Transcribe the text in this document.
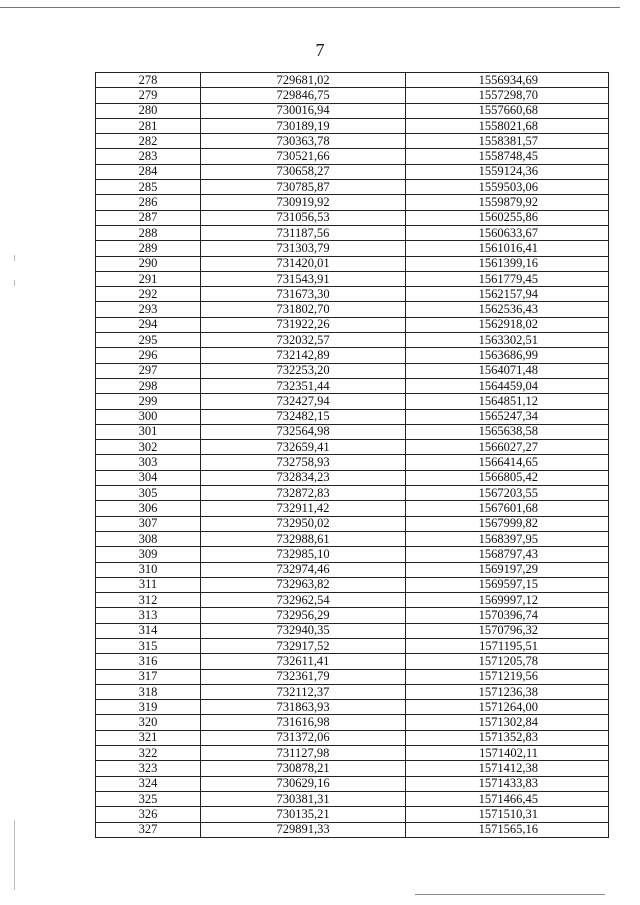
7
278	729681,02	1556934,69
279	729846,75	1557298,70
280	730016,94	1557660,68
281	730189,19	1558021,68
282	730363,78	1558381,57
283	730521,66	1558748,45
284	730658,27	1559124,36
285	730785,87	1559503,06
286	730919,92	1559879,92
287	731056,53	1560255,86
288	731187,56	1560633,67
289	731303,79	1561016,41
290	731420,01	1561399,16
291	731543,91	1561779,45
292	731673,30	1562157,94
293	731802,70	1562536,43
294	731922,26	1562918,02
295	732032,57	1563302,51
296	732142,89	1563686,99
297	732253,20	1564071,48
298	732351,44	1564459,04
299	732427,94	1564851,12
300	732482,15	1565247,34
301	732564,98	1565638,58
302	732659,41	1566027,27
303	732758,93	1566414,65
304	732834,23	1566805,42
305	732872,83	1567203,55
306	732911,42	1567601,68
307	732950,02	1567999,82
308	732988,61	1568397,95
309	732985,10	1568797,43
310	732974,46	1569197,29
311	732963,82	1569597,15
312	732962,54	1569997,12
313	732956,29	1570396,74
314	732940,35	1570796,32
315	732917,52	1571195,51
316	732611,41	1571205,78
317	732361,79	1571219,56
318	732112,37	1571236,38
319	731863,93	1571264,00
320	731616,98	1571302,84
321	731372,06	1571352,83
322	731127,98	1571402,11
323	730878,21	1571412,38
324	730629,16	1571433,83
325	730381,31	1571466,45
326	730135,21	1571510,31
327	729891,33	1571565,16
